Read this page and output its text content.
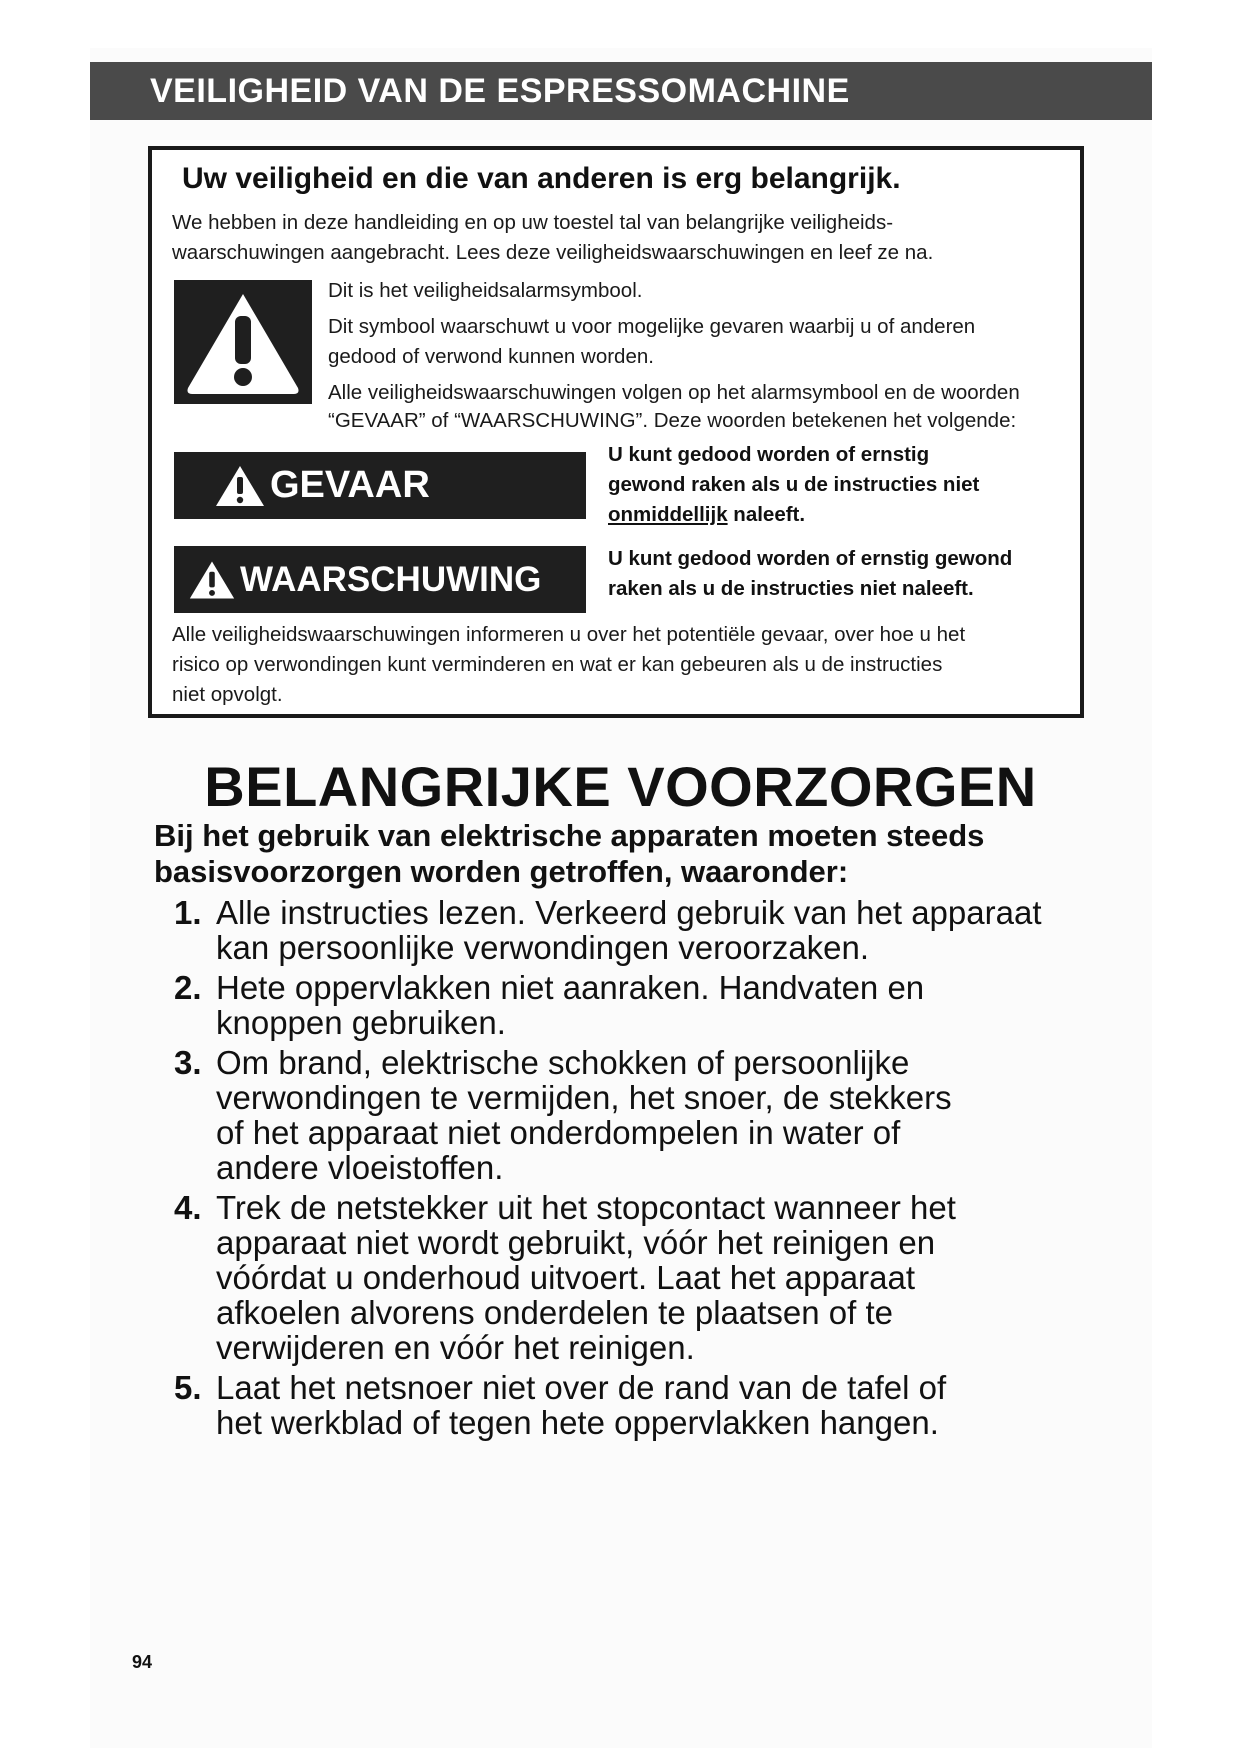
VEILIGHEID VAN DE ESPRESSOMACHINE
Uw veiligheid en die van anderen is erg belangrijk.
We hebben in deze handleiding en op uw toestel tal van belangrijke veiligheids-
waarschuwingen aangebracht. Lees deze veiligheidswaarschuwingen en leef ze na.
Dit is het veiligheidsalarmsymbool.
Dit symbool waarschuwt u voor mogelijke gevaren waarbij u of anderen
gedood of verwond kunnen worden.
Alle veiligheidswaarschuwingen volgen op het alarmsymbool en de woorden
“GEVAAR” of “WAARSCHUWING”. Deze woorden betekenen het volgende:
GEVAAR
U kunt gedood worden of ernstig
gewond raken als u de instructies niet
onmiddellijk naleeft.
WAARSCHUWING
U kunt gedood worden of ernstig gewond
raken als u de instructies niet naleeft.
Alle veiligheidswaarschuwingen informeren u over het potentiële gevaar, over hoe u het
risico op verwondingen kunt verminderen en wat er kan gebeuren als u de instructies
niet opvolgt.
BELANGRIJKE VOORZORGEN
Bij het gebruik van elektrische apparaten moeten steeds
basisvoorzorgen worden getroffen, waaronder:
1. Alle instructies lezen. Verkeerd gebruik van het apparaat
kan persoonlijke verwondingen veroorzaken.
2. Hete oppervlakken niet aanraken. Handvaten en
knoppen gebruiken.
3. Om brand, elektrische schokken of persoonlijke
verwondingen te vermijden, het snoer, de stekkers
of het apparaat niet onderdompelen in water of
andere vloeistoffen.
4. Trek de netstekker uit het stopcontact wanneer het
apparaat niet wordt gebruikt, vóór het reinigen en
vóórdat u onderhoud uitvoert. Laat het apparaat
afkoelen alvorens onderdelen te plaatsen of te
verwijderen en vóór het reinigen.
5. Laat het netsnoer niet over de rand van de tafel of
het werkblad of tegen hete oppervlakken hangen.
94
